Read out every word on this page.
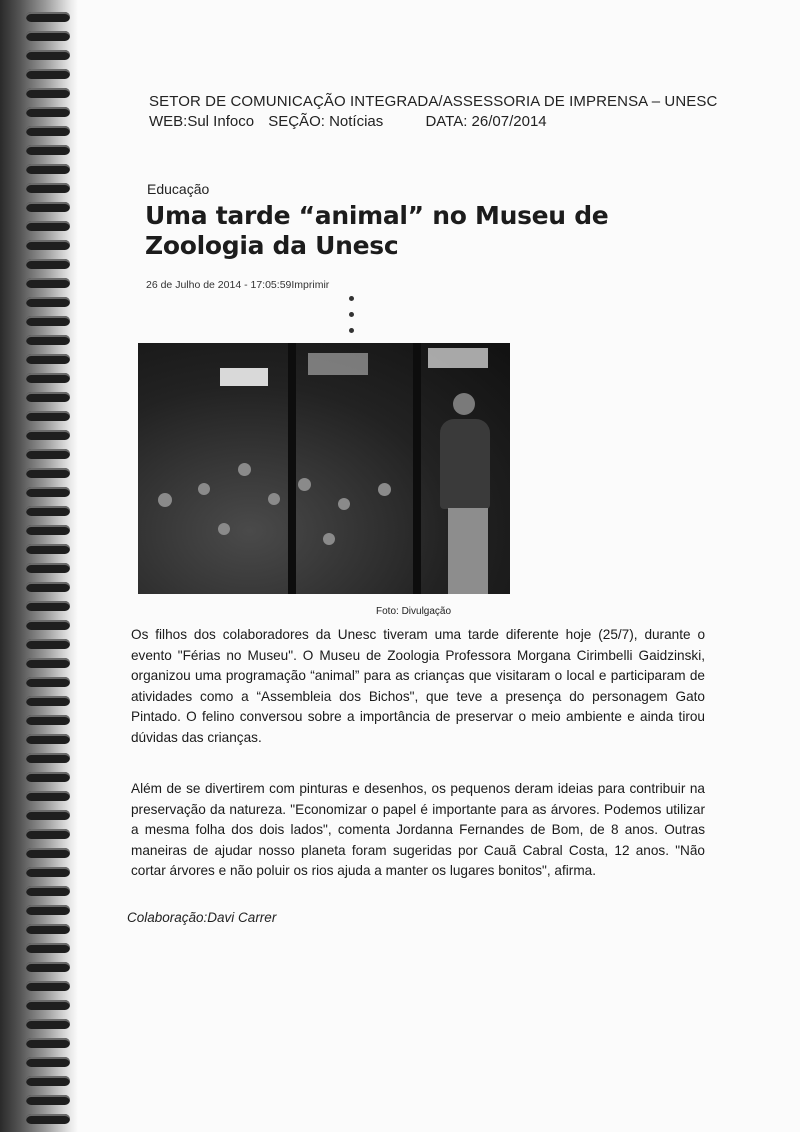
SETOR DE COMUNICAÇÃO INTEGRADA/ASSESSORIA DE IMPRENSA – UNESC
WEB:Sul Infoco SEÇÃO: Notícias	DATA: 26/07/2014
Educação
Uma tarde “animal” no Museu de Zoologia da Unesc
26 de Julho de 2014 - 17:05:59Imprimir
Foto: Divulgação
Os filhos dos colaboradores da Unesc tiveram uma tarde diferente hoje (25/7), durante o evento "Férias no Museu". O Museu de Zoologia Professora Morgana Cirimbelli Gaidzinski, organizou uma programação “animal” para as crianças que visitaram o local e participaram de atividades como a “Assembleia dos Bichos", que teve a presença do personagem Gato Pintado. O felino conversou sobre a importância de preservar o meio ambiente e ainda tirou dúvidas das crianças.
Além de se divertirem com pinturas e desenhos, os pequenos deram ideias para contribuir na preservação da natureza. "Economizar o papel é importante para as árvores. Podemos utilizar a mesma folha dos dois lados", comenta Jordanna Fernandes de Bom, de 8 anos. Outras maneiras de ajudar nosso planeta foram sugeridas por Cauã Cabral Costa, 12 anos. "Não cortar árvores e não poluir os rios ajuda a manter os lugares bonitos", afirma.
Colaboração:Davi Carrer
